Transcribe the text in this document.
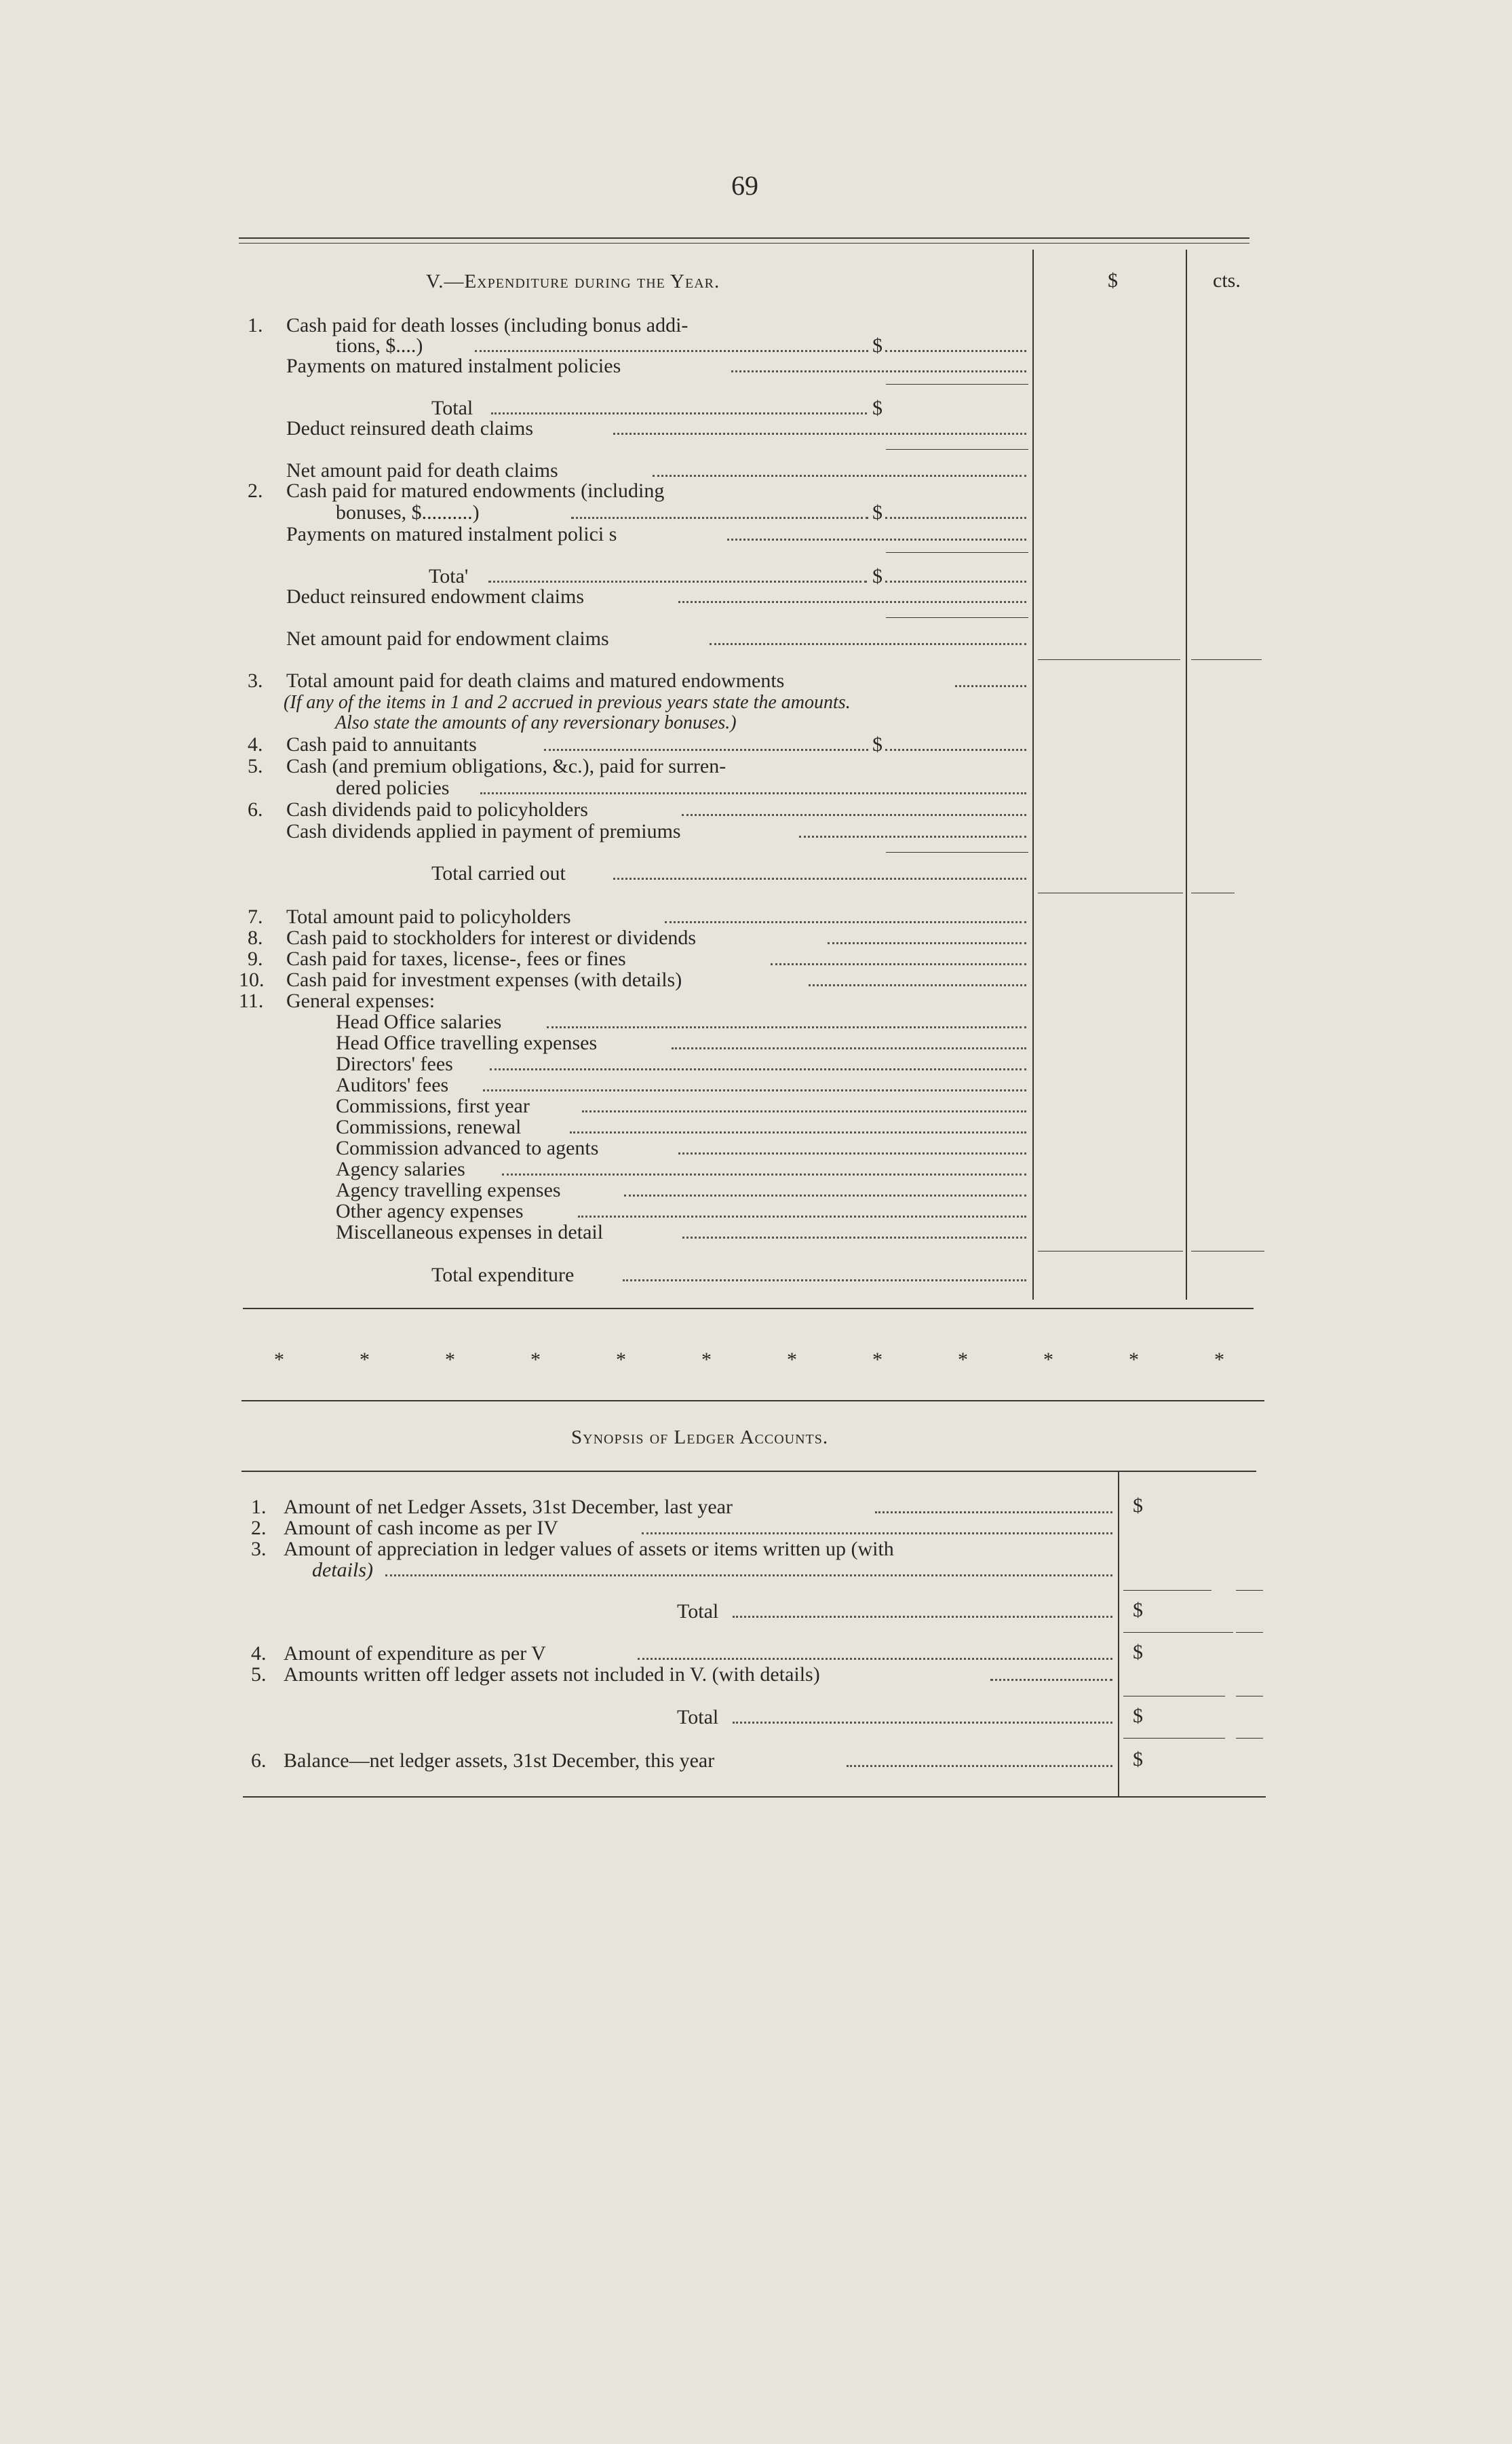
69
V.—Expenditure during the Year.	$	cts.
1. Cash paid for death losses (including bonus addi-
tions, $....)	$
Payments on matured instalment policies
Total	$
Deduct reinsured death claims
Net amount paid for death claims
2. Cash paid for matured endowments (including
bonuses, $..........)	$
Payments on matured instalment polici s
Tota'	$
Deduct reinsured endowment claims
Net amount paid for endowment claims
3. Total amount paid for death claims and matured endowments
(If any of the items in 1 and 2 accrued in previous years state the amounts.
Also state the amounts of any reversionary bonuses.)
4. Cash paid to annuitants	$
5. Cash (and premium obligations, &c.), paid for surren-
dered policies
6. Cash dividends paid to policyholders
Cash dividends applied in payment of premiums
Total carried out
7. Total amount paid to policyholders
8. Cash paid to stockholders for interest or dividends
9. Cash paid for taxes, license-, fees or fines
10. Cash paid for investment expenses (with details)
11. General expenses:
Head Office salaries
Head Office travelling expenses
Directors' fees
Auditors' fees
Commissions, first year
Commissions, renewal
Commission advanced to agents
Agency salaries
Agency travelling expenses
Other agency expenses
Miscellaneous expenses in detail
Total expenditure
*	*	*	*	*	*	*	*	*	*	*	*
Synopsis of Ledger Accounts.
1. Amount of net Ledger Assets, 31st December, last year	$
2. Amount of cash income as per IV
3. Amount of appreciation in ledger values of assets or items written up (with
details)
Total	$
4. Amount of expenditure as per V	$
5. Amounts written off ledger assets not included in V. (with details)
Total	$
6. Balance—net ledger assets, 31st December, this year	$
